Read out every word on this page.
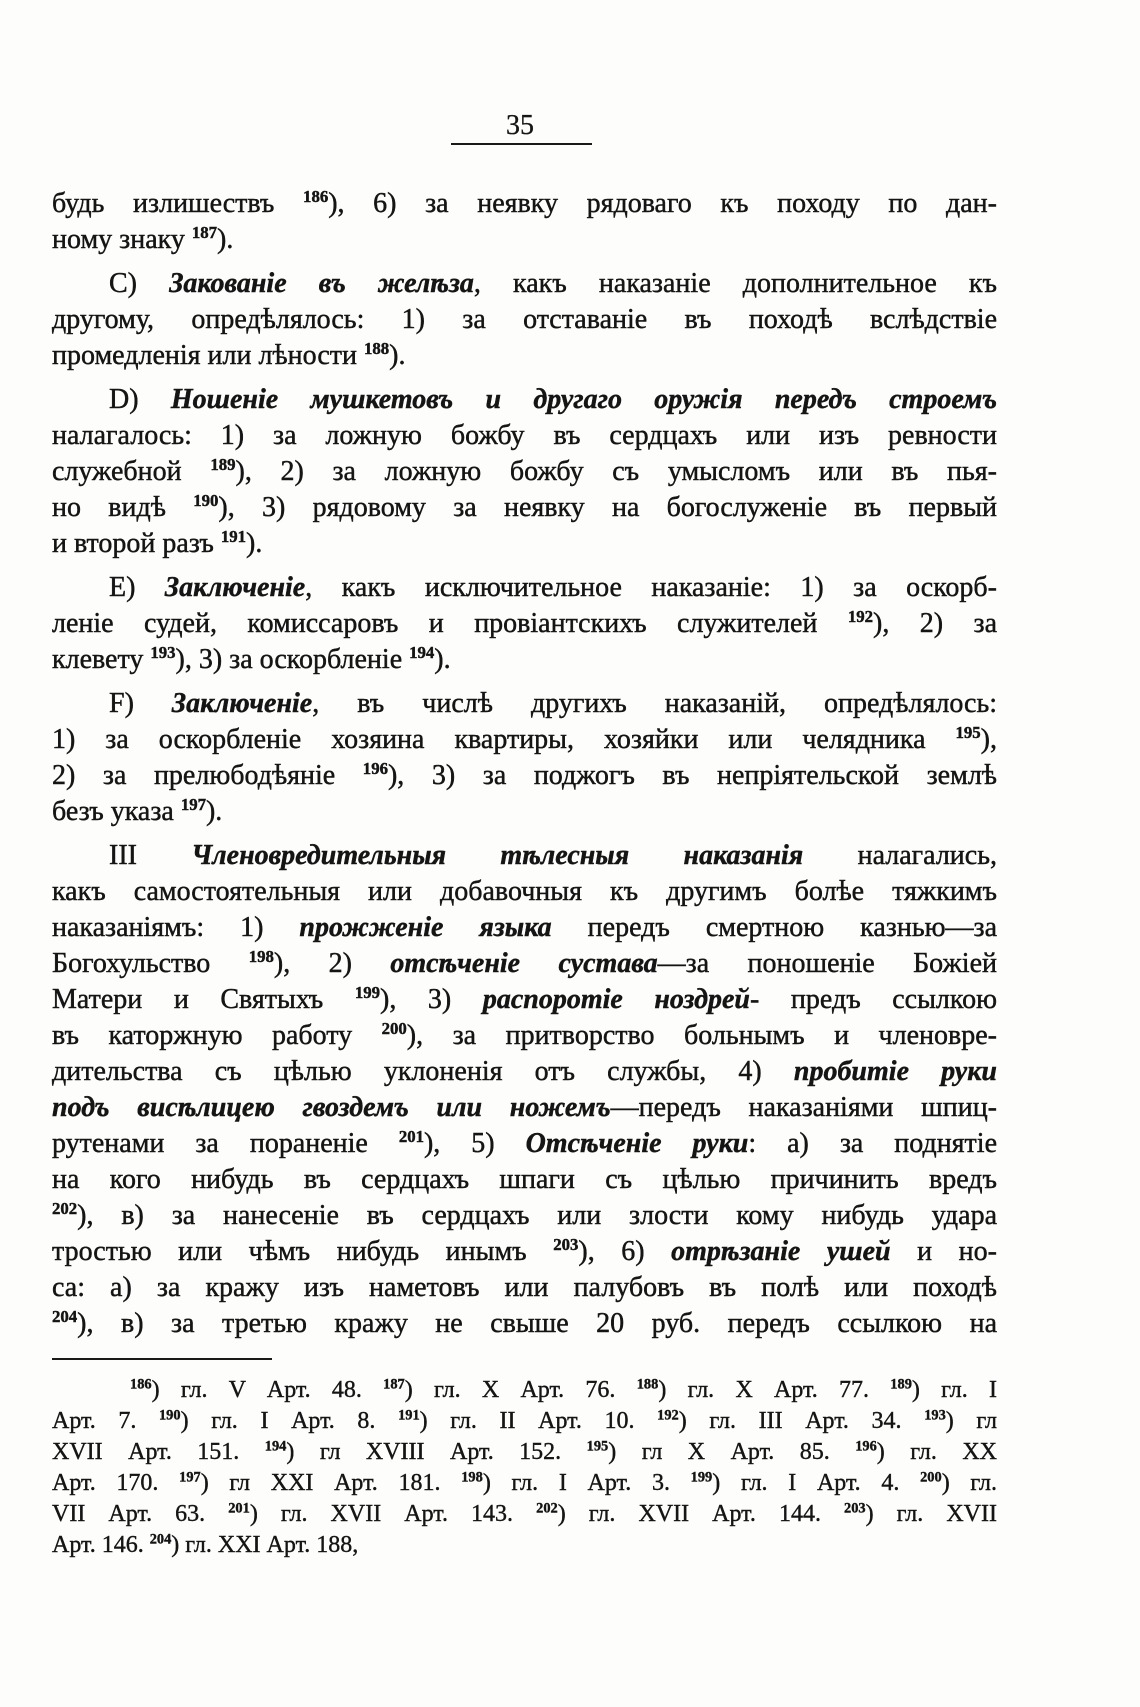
35
будь излишествъ $^{186}$), 6) за неявку рядоваго къ походу по дан-
ному знаку $^{187}$).
C) Закованіе въ желѣза, какъ наказаніе дополнительное къ
другому, опредѣлялось: 1) за отставаніе въ походѣ вслѣдствіе
промедленія или лѣности $^{188}$).
D) Ношеніе мушкетовъ и другаго оружія передъ строемъ
налагалось: 1) за ложную божбу въ сердцахъ или изъ ревности
служебной $^{189}$), 2) за ложную божбу съ умысломъ или въ пья-
но видѣ $^{190}$), 3) рядовому за неявку на богослуженіе въ первый
и второй разъ $^{191}$).
E) Заключеніе, какъ исключительное наказаніе: 1) за оскорб-
леніе судей, комиссаровъ и провіантскихъ служителей $^{192}$), 2) за
клевету $^{193}$), 3) за оскорбленіе $^{194}$).
F) Заключеніе, въ числѣ другихъ наказаній, опредѣлялось:
1) за оскорбленіе хозяина квартиры, хозяйки или челядника $^{195}$),
2) за прелюбодѣяніе $^{196}$), 3) за поджогъ въ непріятельской землѣ
безъ указа $^{197}$).
III Членовредительныя тѣлесныя наказанія налагались,
какъ самостоятельныя или добавочныя къ другимъ болѣе тяжкимъ
наказаніямъ: 1) прожженіе языка передъ смертною казнью—за
Богохульство $^{198}$), 2) отсѣченіе сустава—за поношеніе Божіей
Матери и Святыхъ $^{199}$), 3) распоротіе ноздрей- предъ ссылкою
въ каторжную работу $^{200}$), за притворство больнымъ и членовре-
дительства съ цѣлью уклоненія отъ службы, 4) пробитіе руки
подъ висѣлицею гвоздемъ или ножемъ—передъ наказаніями шпиц-
рутенами за пораненіе $^{201}$), 5) Отсѣченіе руки: а) за поднятіе
на кого нибудь въ сердцахъ шпаги съ цѣлью причинить вредъ
$^{202}$), в) за нанесеніе въ сердцахъ или злости кому нибудь удара
тростью или чѣмъ нибудь инымъ $^{203}$), 6) отрѣзаніе ушей и но-
са: а) за кражу изъ наметовъ или палубовъ въ полѣ или походѣ
$^{204}$), в) за третью кражу не свыше 20 руб. передъ ссылкою на
$^{186}$) гл. V Арт. 48. $^{187}$) гл. X Арт. 76. $^{188}$) гл. X Арт. 77. $^{189}$) гл. I
Арт. 7. $^{190}$) гл. I Арт. 8. $^{191}$) гл. II Арт. 10. $^{192}$) гл. III Арт. 34. $^{193}$) гл
XVII Арт. 151. $^{194}$) гл XVIII Арт. 152. $^{195}$) гл X Арт. 85. $^{196}$) гл. XX
Арт. 170. $^{197}$) гл XXI Арт. 181. $^{198}$) гл. I Арт. 3. $^{199}$) гл. I Арт. 4. $^{200}$) гл.
VII Арт. 63. $^{201}$) гл. XVII Арт. 143. $^{202}$) гл. XVII Арт. 144. $^{203}$) гл. XVII
Арт. 146. $^{204}$) гл. XXI Арт. 188,
